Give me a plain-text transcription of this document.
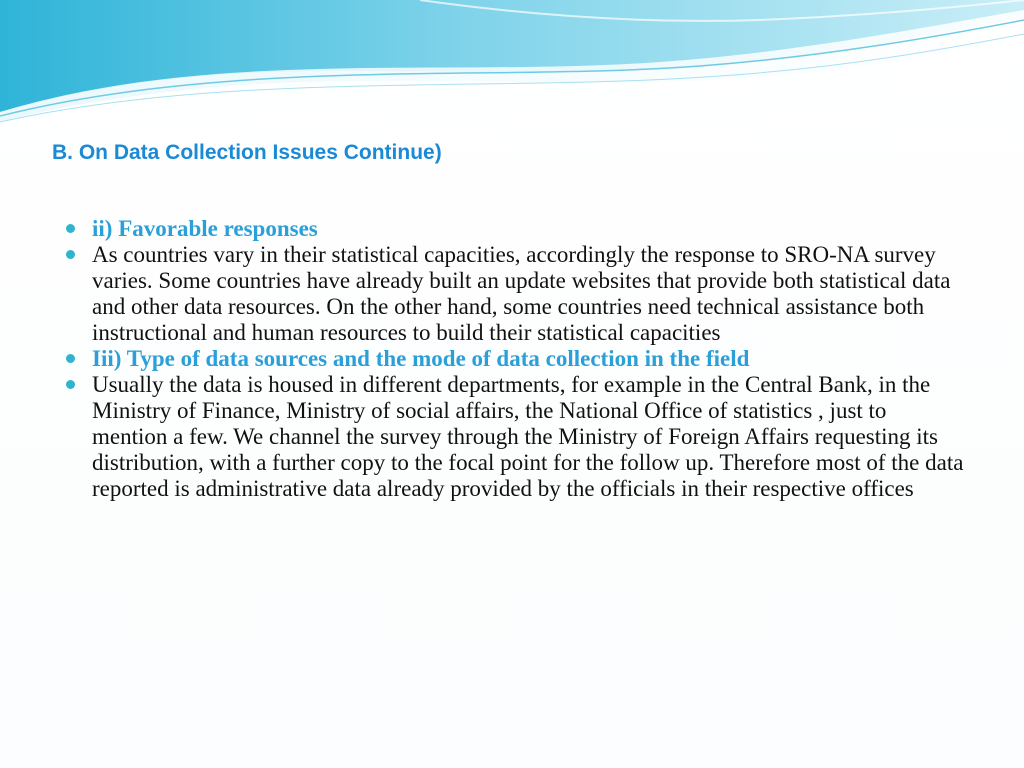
B. On Data Collection Issues Continue)
ii) Favorable responses
As countries vary in their statistical capacities, accordingly the response to SRO-NA survey varies. Some countries have already built an update websites that provide both statistical data and other data resources. On the other hand, some countries need technical assistance both instructional and human resources to build their statistical capacities
Iii) Type of data sources and the mode of data collection in the field
Usually the data is housed in different departments, for example in the Central Bank, in the Ministry of Finance, Ministry of social affairs, the National Office of statistics , just to mention a few. We channel the survey through the Ministry of Foreign Affairs requesting its distribution, with a further copy to the focal point for the follow up. Therefore most of the data reported is administrative data already provided by the officials in their respective offices
